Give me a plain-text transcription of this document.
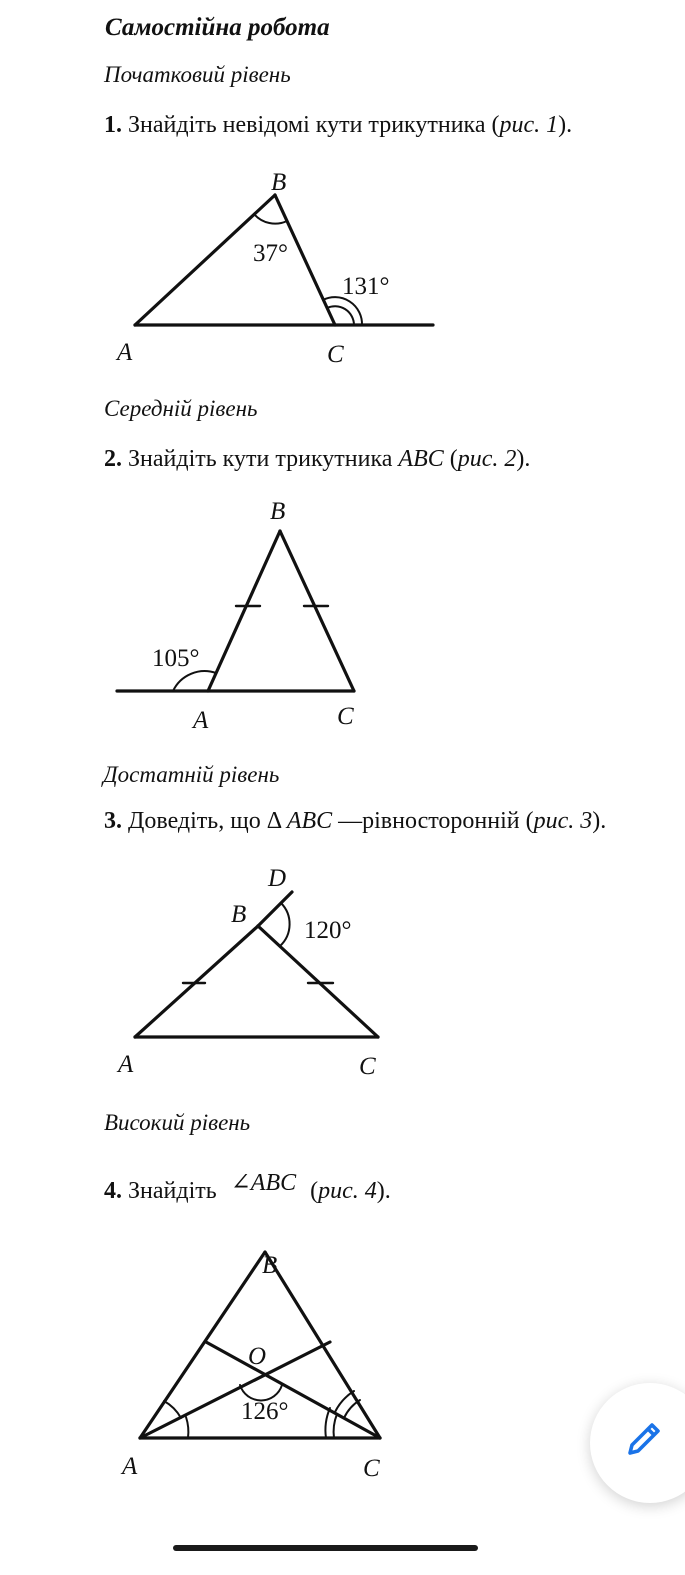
Самостійна робота
Початковий рівень
1. Знайдіть невідомі кути трикутника (рис. 1).
B
A	C
37°
131°
Середній рівень
2. Знайдіть кути трикутника ABC (рис. 2).
B
A	C
105°
Достатній рівень
3. Доведіть, що Δ ABC —рівносторонній (рис. 3).
D
B
A	C
120°
Високий рівень
4. Знайдіть ∠ABC (рис. 4).
B
O
A	C
126°
